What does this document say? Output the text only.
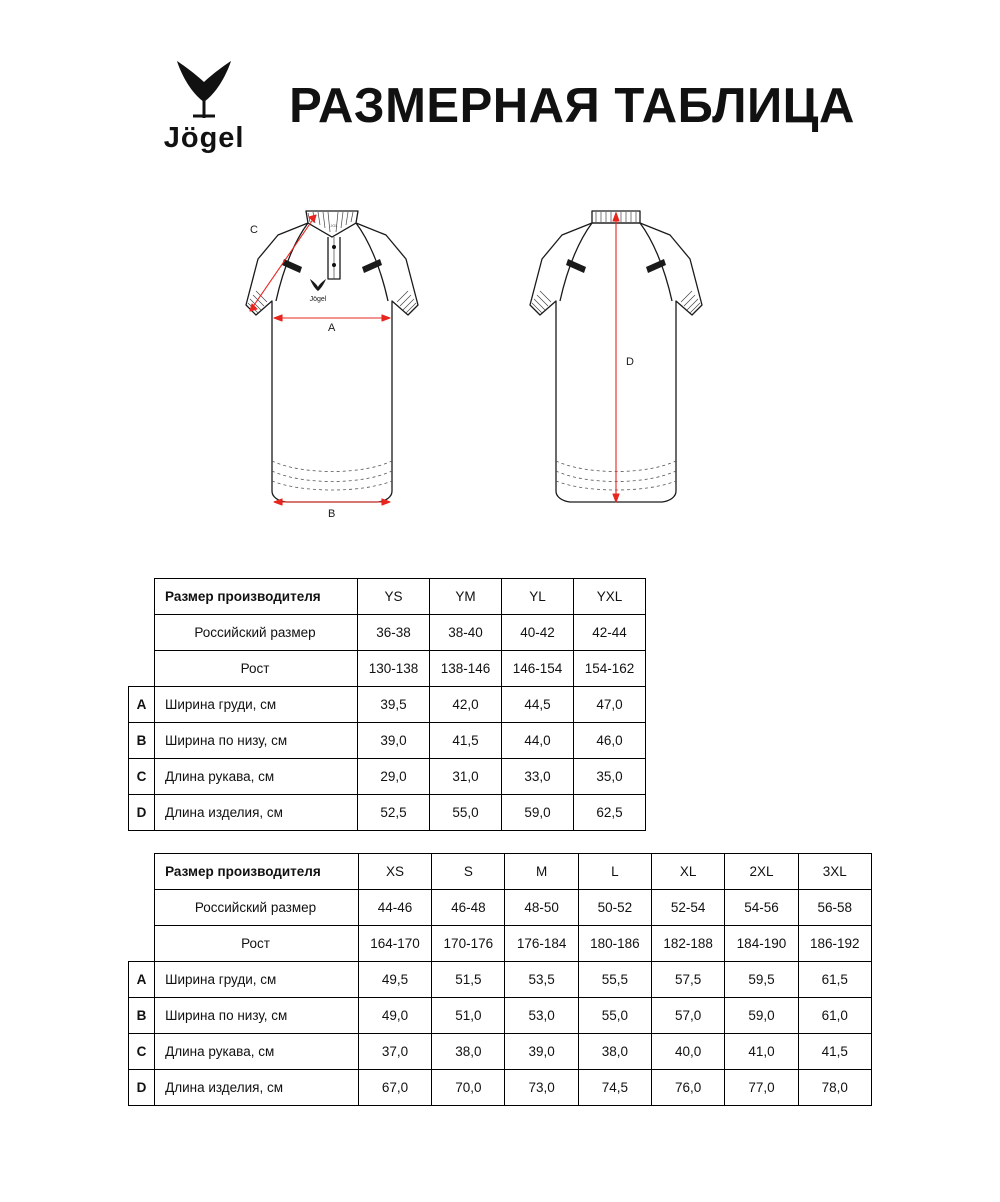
Jögel
РАЗМЕРНАЯ ТАБЛИЦА
Jögel
JGL
C
A
B
D
	Размер производителя	YS	YM	YL	YXL
	Российский размер	36-38	38-40	40-42	42-44
	Рост	130-138	138-146	146-154	154-162
A	Ширина груди, см	39,5	42,0	44,5	47,0
B	Ширина по низу, см	39,0	41,5	44,0	46,0
C	Длина рукава, см	29,0	31,0	33,0	35,0
D	Длина изделия, см	52,5	55,0	59,0	62,5
	Размер производителя	XS	S	M	L	XL	2XL	3XL
	Российский размер	44-46	46-48	48-50	50-52	52-54	54-56	56-58
	Рост	164-170	170-176	176-184	180-186	182-188	184-190	186-192
A	Ширина груди, см	49,5	51,5	53,5	55,5	57,5	59,5	61,5
B	Ширина по низу, см	49,0	51,0	53,0	55,0	57,0	59,0	61,0
C	Длина рукава, см	37,0	38,0	39,0	38,0	40,0	41,0	41,5
D	Длина изделия, см	67,0	70,0	73,0	74,5	76,0	77,0	78,0
